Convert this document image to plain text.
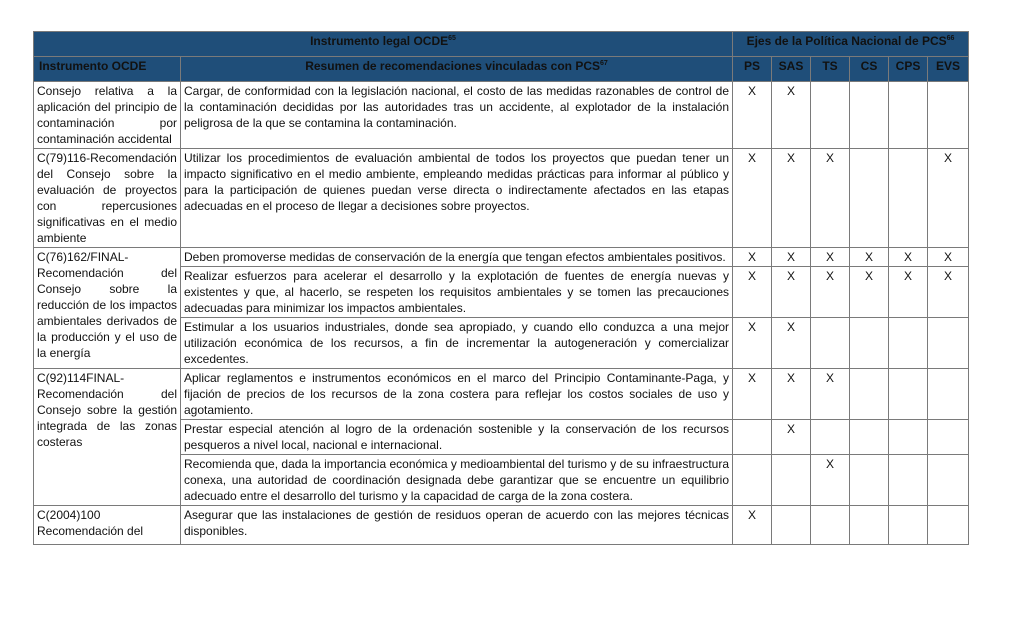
Instrumento legal OCDE$^{65}$		Ejes de la Política Nacional de PCS$^{66}$
Instrumento OCDE	Resumen de recomendaciones vinculadas con PCS$^{67}$	PS	SAS	TS	CS	CPS	EVS

Consejo relativa a la aplicación del principio de contaminación por contaminación accidental	Cargar, de conformidad con la legislación nacional, el costo de las medidas razonables de control de la contaminación decididas por las autoridades tras un accidente, al explotador de la instalación peligrosa de la que se contamina la contaminación.	X	X				

C(79)116-Recomendación del Consejo sobre la evaluación de proyectos con repercusiones significativas en el medio ambiente	Utilizar los procedimientos de evaluación ambiental de todos los proyectos que puedan tener un impacto significativo en el medio ambiente, empleando medidas prácticas para informar al público y para la participación de quienes puedan verse directa o indirectamente afectados en las etapas adecuadas en el proceso de llegar a decisiones sobre proyectos.	X	X	X			X

C(76)162/FINAL-Recomendación del Consejo sobre la reducción de los impactos ambientales derivados de la producción y el uso de la energía	Deben promoverse medidas de conservación de la energía que tengan efectos ambientales positivos.	X	X	X	X	X	X
	Realizar esfuerzos para acelerar el desarrollo y la explotación de fuentes de energía nuevas y existentes y que, al hacerlo, se respeten los requisitos ambientales y se tomen las precauciones adecuadas para minimizar los impactos ambientales.	X	X	X	X	X	X
	Estimular a los usuarios industriales, donde sea apropiado, y cuando ello conduzca a una mejor utilización económica de los recursos, a fin de incrementar la autogeneración y comercializar excedentes.	X	X				

C(92)114FINAL-Recomendación del Consejo sobre la gestión integrada de las zonas costeras	Aplicar reglamentos e instrumentos económicos en el marco del Principio Contaminante-Paga, y fijación de precios de los recursos de la zona costera para reflejar los costos sociales de uso y agotamiento.	X	X	X			
	Prestar especial atención al logro de la ordenación sostenible y la conservación de los recursos pesqueros a nivel local, nacional e internacional.		X				
	Recomienda que, dada la importancia económica y medioambiental del turismo y de su infraestructura conexa, una autoridad de coordinación designada debe garantizar que se encuentre un equilibrio adecuado entre el desarrollo del turismo y la capacidad de carga de la zona costera.			X			

C(2004)100 Recomendación del	Asegurar que las instalaciones de gestión de residuos operan de acuerdo con las mejores técnicas disponibles.	X					
